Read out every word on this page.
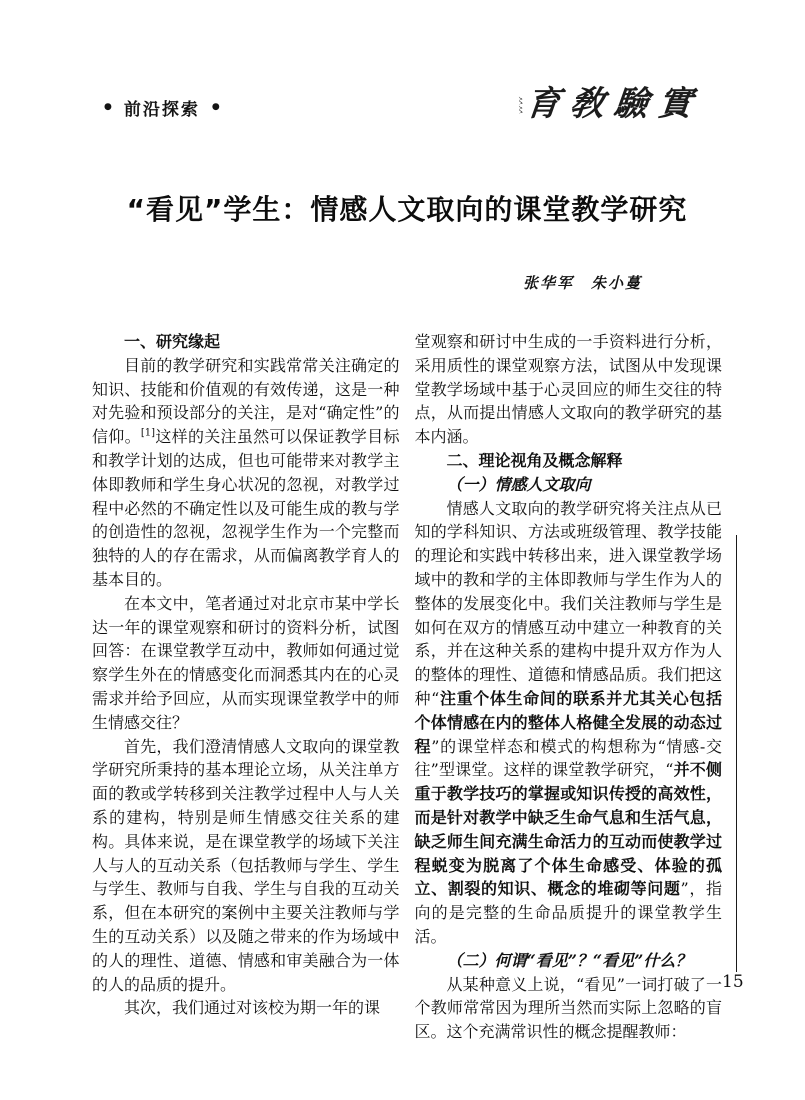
● 前沿探索 ●	〻〻 育敎驗實
“看见”学生：情感人文取向的课堂教学研究
张华军　朱小蔓

一、研究缘起

目前的教学研究和实践常常关注确定的知识、技能和价值观的有效传递，这是一种对先验和预设部分的关注，是对“确定性”的信仰。[1]这样的关注虽然可以保证教学目标和教学计划的达成，但也可能带来对教学主体即教师和学生身心状况的忽视，对教学过程中必然的不确定性以及可能生成的教与学的创造性的忽视，忽视学生作为一个完整而独特的人的存在需求，从而偏离教学育人的基本目的。

在本文中，笔者通过对北京市某中学长达一年的课堂观察和研讨的资料分析，试图回答：在课堂教学互动中，教师如何通过觉察学生外在的情感变化而洞悉其内在的心灵需求并给予回应，从而实现课堂教学中的师生情感交往？

首先，我们澄清情感人文取向的课堂教学研究所秉持的基本理论立场，从关注单方面的教或学转移到关注教学过程中人与人关系的建构，特别是师生情感交往关系的建构。具体来说，是在课堂教学的场域下关注人与人的互动关系（包括教师与学生、学生与学生、教师与自我、学生与自我的互动关系，但在本研究的案例中主要关注教师与学生的互动关系）以及随之带来的作为场域中的人的理性、道德、情感和审美融合为一体的人的品质的提升。

其次，我们通过对该校为期一年的课

堂观察和研讨中生成的一手资料进行分析，采用质性的课堂观察方法，试图从中发现课堂教学场域中基于心灵回应的师生交往的特点，从而提出情感人文取向的教学研究的基本内涵。

二、理论视角及概念解释

（一）情感人文取向

情感人文取向的教学研究将关注点从已知的学科知识、方法或班级管理、教学技能的理论和实践中转移出来，进入课堂教学场域中的教和学的主体即教师与学生作为人的整体的发展变化中。我们关注教师与学生是如何在双方的情感互动中建立一种教育的关系，并在这种关系的建构中提升双方作为人的整体的理性、道德和情感品质。我们把这种“注重个体生命间的联系并尤其关心包括个体情感在内的整体人格健全发展的动态过程”的课堂样态和模式的构想称为“情感-交往”型课堂。这样的课堂教学研究，“并不侧重于教学技巧的掌握或知识传授的高效性，而是针对教学中缺乏生命气息和生活气息，缺乏师生间充满生命活力的互动而使教学过程蜕变为脱离了个体生命感受、体验的孤立、割裂的知识、概念的堆砌等问题”，指向的是完整的生命品质提升的课堂教学生活。

（二）何谓“看见”？“看见”什么？

从某种意义上说，“看见”一词打破了一个教师常常因为理所当然而实际上忽略的盲区。这个充满常识性的概念提醒教师：

15
